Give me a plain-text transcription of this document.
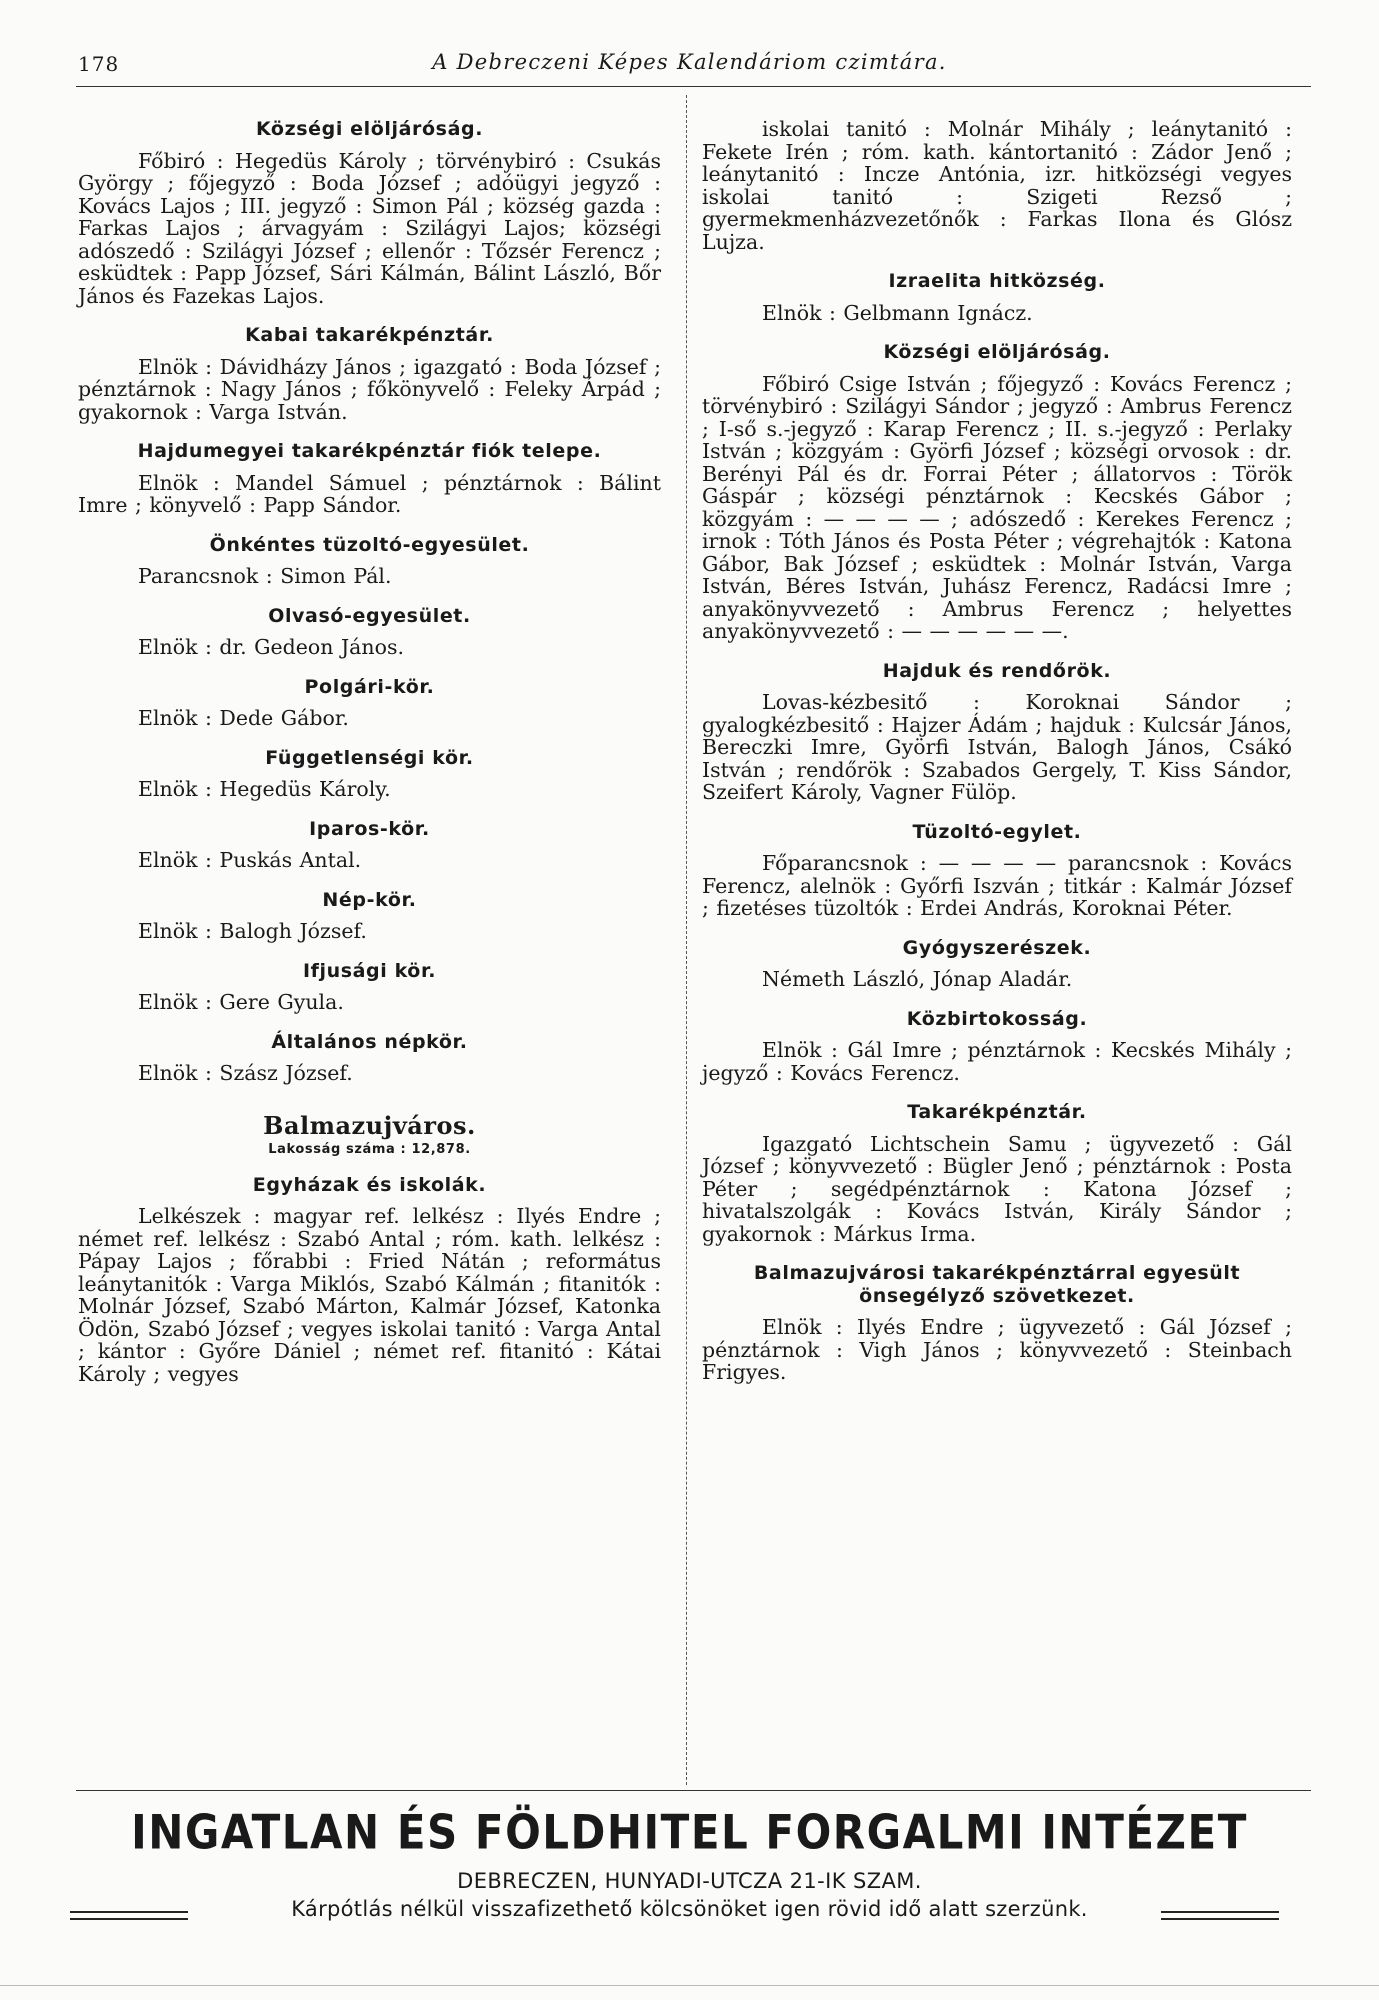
178	A Debreczeni Képes Kalendáriom czimtára.
Községi elöljáróság.

Főbiró : Hegedüs Károly ; törvénybiró : Csukás György ; főjegyző : Boda József ; adóügyi jegyző : Kovács Lajos ; III. jegyző : Simon Pál ; község gazda : Farkas Lajos ; árvagyám : Szilágyi Lajos; községi adószedő : Szilágyi József ; ellenőr : Tőzsér Ferencz ; esküdtek : Papp József, Sári Kálmán, Bálint László, Bőr János és Fazekas Lajos.

Kabai takarékpénztár.

Elnök : Dávidházy János ; igazgató : Boda József ; pénztárnok : Nagy János ; főkönyvelő : Feleky Árpád ; gyakornok : Varga István.

Hajdumegyei takarékpénztár fiók telepe.

Elnök : Mandel Sámuel ; pénztárnok : Bálint Imre ; könyvelő : Papp Sándor.

Önkéntes tüzoltó-egyesület.

Parancsnok : Simon Pál.

Olvasó-egyesület.

Elnök : dr. Gedeon János.

Polgári-kör.

Elnök : Dede Gábor.

Függetlenségi kör.

Elnök : Hegedüs Károly.

Iparos-kör.

Elnök : Puskás Antal.

Nép-kör.

Elnök : Balogh József.

Ifjusági kör.

Elnök : Gere Gyula.

Általános népkör.

Elnök : Szász József.

Balmazujváros.
Lakosság száma : 12,878.
Egyházak és iskolák.

Lelkészek : magyar ref. lelkész : Ilyés Endre ; német ref. lelkész : Szabó Antal ; róm. kath. lelkész : Pápay Lajos ; főrabbi : Fried Nátán ; református leánytanitók : Varga Miklós, Szabó Kálmán ; fitanitók : Molnár József, Szabó Márton, Kalmár József, Katonka Ödön, Szabó József ; vegyes iskolai tanitó : Varga Antal ; kántor : Győre Dániel ; német ref. fitanitó : Kátai Károly ; vegyes

iskolai tanitó : Molnár Mihály ; leánytanitó : Fekete Irén ; róm. kath. kántortanitó : Zádor Jenő ; leánytanitó : Incze Antónia, izr. hitközségi vegyes iskolai tanitó : Szigeti Rezső ; gyermekmenházvezetőnők : Farkas Ilona és Glósz Lujza.

Izraelita hitközség.

Elnök : Gelbmann Ignácz.

Községi elöljáróság.

Főbiró Csige István ; főjegyző : Kovács Ferencz ; törvénybiró : Szilágyi Sándor ; jegyző : Ambrus Ferencz ; I-ső s.-jegyző : Karap Ferencz ; II. s.-jegyző : Perlaky István ; közgyám : Györfi József ; községi orvosok : dr. Berényi Pál és dr. Forrai Péter ; állatorvos : Török Gáspár ; községi pénztárnok : Kecskés Gábor ; közgyám : — — — — ; adószedő : Kerekes Ferencz ; irnok : Tóth János és Posta Péter ; végrehajtók : Katona Gábor, Bak József ; esküdtek : Molnár István, Varga István, Béres István, Juhász Ferencz, Radácsi Imre ; anyakönyvvezető : Ambrus Ferencz ; helyettes anyakönyvvezető : — — — — — —.

Hajduk és rendőrök.

Lovas-kézbesitő : Koroknai Sándor ; gyalogkézbesitő : Hajzer Ádám ; hajduk : Kulcsár János, Bereczki Imre, Györfi István, Balogh János, Csákó István ; rendőrök : Szabados Gergely, T. Kiss Sándor, Szeifert Károly, Vagner Fülöp.

Tüzoltó-egylet.

Főparancsnok : — — — — parancsnok : Kovács Ferencz, alelnök : Győrfi Iszván ; titkár : Kalmár József ; fizetéses tüzoltók : Erdei András, Koroknai Péter.

Gyógyszerészek.

Németh László, Jónap Aladár.

Közbirtokosság.

Elnök : Gál Imre ; pénztárnok : Kecskés Mihály ; jegyző : Kovács Ferencz.

Takarékpénztár.

Igazgató Lichtschein Samu ; ügyvezető : Gál József ; könyvvezető : Bügler Jenő ; pénztárnok : Posta Péter ; segédpénztárnok : Katona József ; hivatalszolgák : Kovács István, Király Sándor ; gyakornok : Márkus Irma.

Balmazujvárosi takarékpénztárral egyesült önsegélyző szövetkezet.

Elnök : Ilyés Endre ; ügyvezető : Gál József ; pénztárnok : Vigh János ; könyvvezető : Steinbach Frigyes.

INGATLAN ÉS FÖLDHITEL FORGALMI INTÉZET
DEBRECZEN, HUNYADI-UTCZA 21-IK SZAM.
Kárpótlás nélkül visszafizethető kölcsönöket igen rövid idő alatt szerzünk.
